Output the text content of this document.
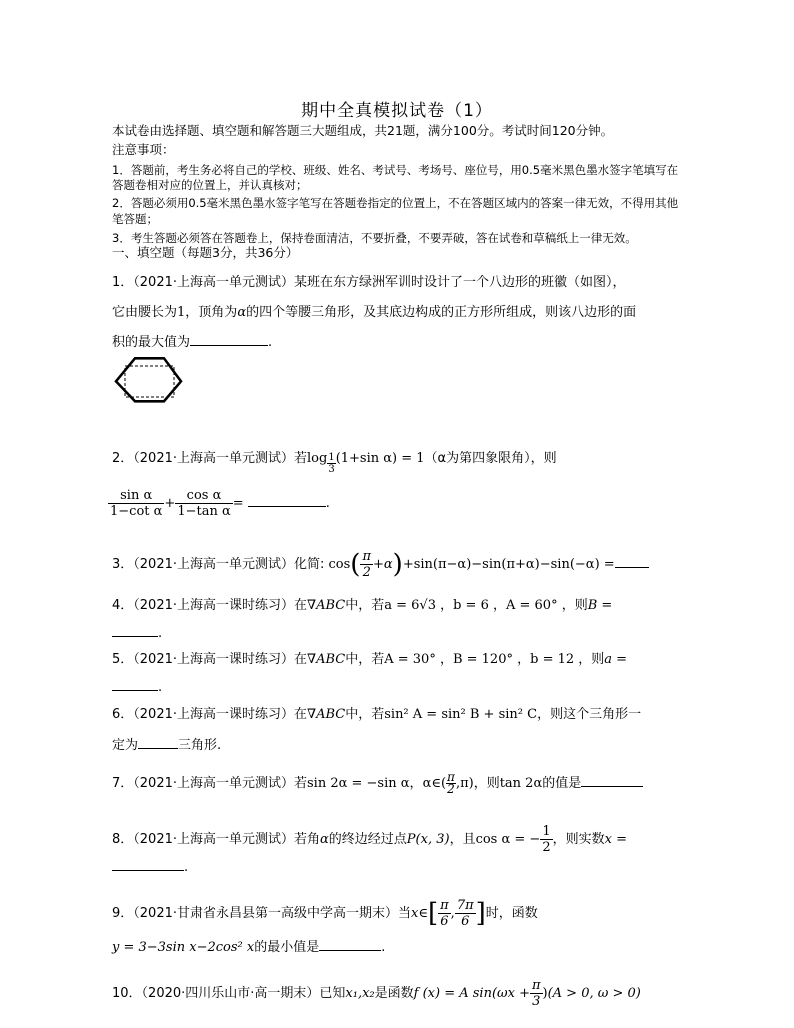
期中全真模拟试卷（1）
本试卷由选择题、填空题和解答题三大题组成，共21题，满分100分。考试时间120分钟。
注意事项：
1．答题前，考生务必将自己的学校、班级、姓名、考试号、考场号、座位号，用0.5毫米黑色墨水签字笔填写在
答题卷相对应的位置上，并认真核对；
2．答题必须用0.5毫米黑色墨水签字笔写在答题卷指定的位置上，不在答题区域内的答案一律无效，不得用其他
笔答题；
3．考生答题必须答在答题卷上，保持卷面清洁，不要折叠，不要弄破，答在试卷和草稿纸上一律无效。
一、填空题（每题3分，共36分）
1．（2021·上海高一单元测试）某班在东方绿洲军训时设计了一个八边形的班徽（如图），
它由腰长为1，顶角为α的四个等腰三角形，及其底边构成的正方形所组成，则该八边形的面
积的最大值为	.
2．（2021·上海高一单元测试）若$\log \frac{1}{3} (1+\sin$ α) = 1（α为第四象限角），则
$\frac{\text{sin α}}{\text{1−cot α}} + \frac{\text{cos α}}{\text{1−tan α}}$ =	.
3．（2021·上海高一单元测试）化简: $\cos( \frac{\pi}{2} +\alpha)+\sin(\pi-\alpha)-\sin(\pi+\alpha)-\sin(-\alpha)$ =
4．（2021·上海高一课时练习）在∇ABC中，若a = 6√3 ，b = 6 ，A = 60° ，则B =
.
5．（2021·上海高一课时练习）在∇ABC中，若A = 30° ，B = 120° ，b = 12 ，则a =
.
6．（2021·上海高一课时练习）在∇ABC中，若sin² A = sin² B + sin² C，则这个三角形一
定为	三角形.
7．（2021·上海高一单元测试）若sin 2α = −sin α，α∈( $\frac{\pi}{2} ,\pi$)，则tan 2α的值是
8．（2021·上海高一单元测试）若角α的终边经过点P(x, 3)，且cos α = − $\frac{1}{2}$ ，则实数x =
.
9．（2021·甘肃省永昌县第一高级中学高一期末）当x∈[ $\frac{\pi}{6}$ , $\frac{7\pi}{6}$ ]时，函数
y = 3−3sin x−2cos² x的最小值是	.
10．（2020·四川乐山市·高一期末）已知x₁,x₂是函数f (x) = A $\sin(\omega x + \frac{\pi}{3} )(A > 0$, ω > 0)
